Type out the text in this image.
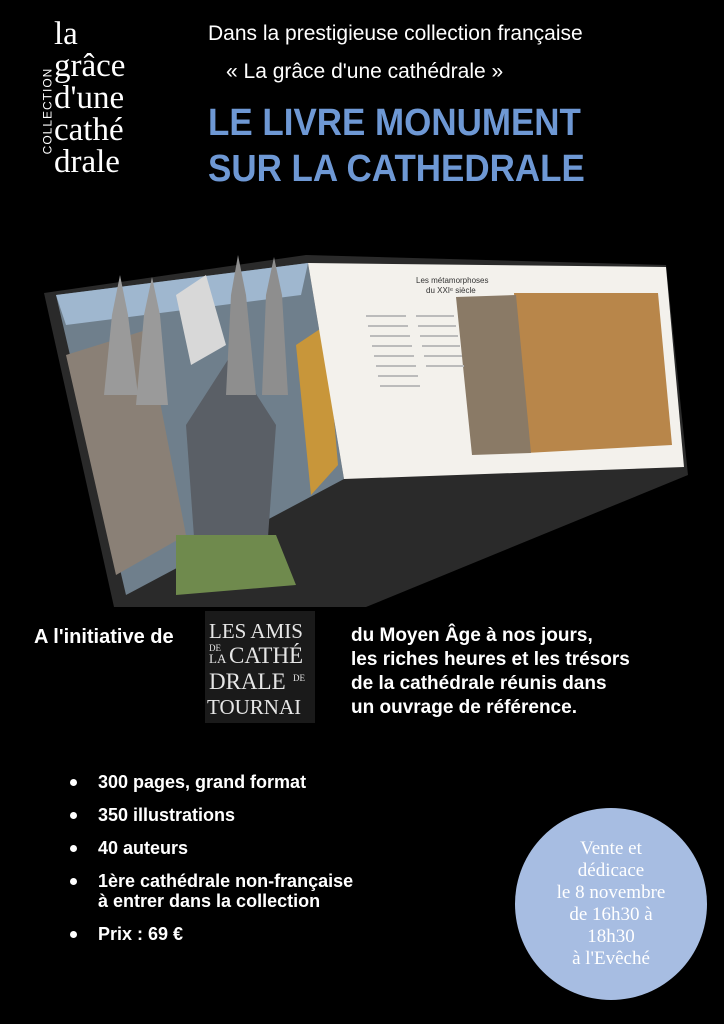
COLLECTION
la
grâce
d'une
cathé
drale
Dans la prestigieuse collection française
« La grâce d'une cathédrale »
LE LIVRE MONUMENT
SUR LA CATHEDRALE
Les métamorphoses
du XXIᵉ siècle
A l'initiative de LES AMIS
DE
LA CATHÉ
DRALE DE
TOURNAI
du Moyen Âge à nos jours,
les riches heures et les trésors
de la cathédrale réunis dans
un ouvrage de référence.
300 pages, grand format
350 illustrations
40 auteurs
1ère cathédrale non-française
à entrer dans la collection
Prix : 69 €
Vente et
dédicace
le 8 novembre
de 16h30 à
18h30
à l'Evêché
